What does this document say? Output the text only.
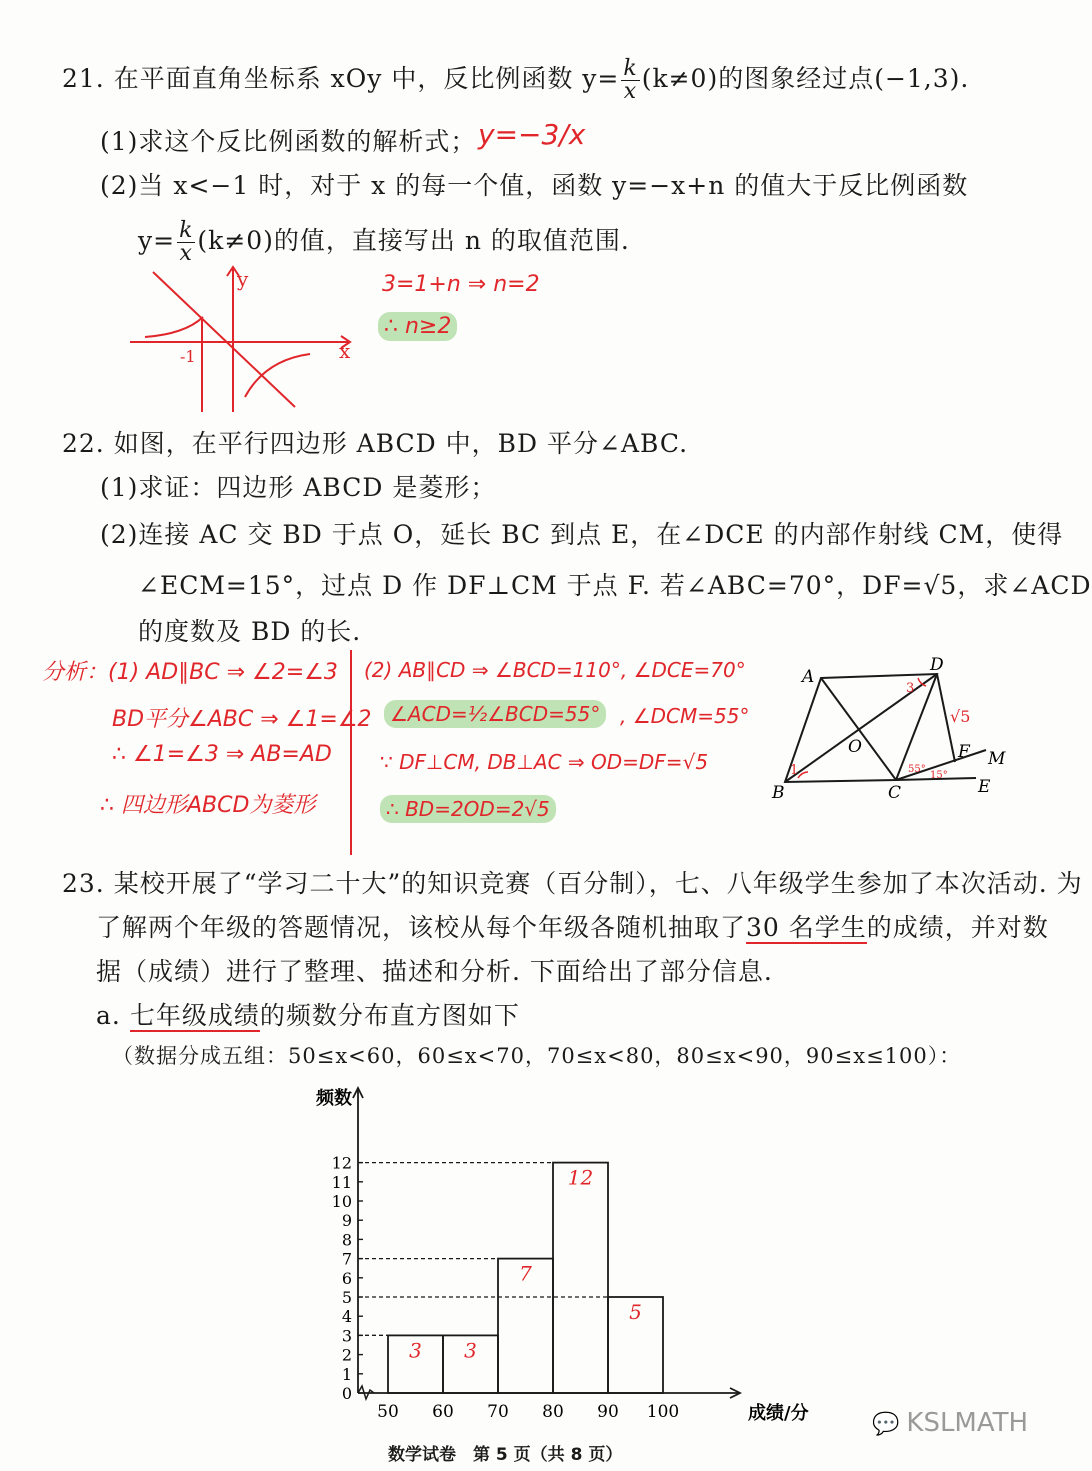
21. 在平面直角坐标系 xOy 中，反比例函数 $y= \frac{k}{x} (k\ne 0)$的图象经过点(−1,3).
(1)求这个反比例函数的解析式； y=−3/x
(2)当 x<−1 时，对于 x 的每一个值，函数 y=−x+n 的值大于反比例函数
$y= \frac{k}{x} (k\ne 0)$的值，直接写出 n 的取值范围.
y
x
-1
3=1+n ⇒ n=2
∴ n≥2
22. 如图，在平行四边形 ABCD 中，BD 平分∠ABC.
(1)求证：四边形 ABCD 是菱形；
(2)连接 AC 交 BD 于点 O，延长 BC 到点 E，在∠DCE 的内部作射线 CM，使得
∠ECM=15°，过点 D 作 DF⊥CM 于点 F. 若∠ABC=70°，DF=√5，求∠ACD
的度数及 BD 的长.
分析：(1) AD∥BC ⇒ ∠2=∠3
BD平分∠ABC ⇒ ∠1=∠2
∴ ∠1=∠3 ⇒ AB=AD
∴ 四边形ABCD为菱形
(2) AB∥CD ⇒ ∠BCD=110°, ∠DCE=70°
∠ACD=½∠BCD=55° , ∠DCM=55°
∵ DF⊥CM, DB⊥AC ⇒ OD=DF=√5
∴ BD=2OD=2√5
A
D
B	C	E
F M
O
√5
1
3
55°
15°
23. 某校开展了“学习二十大”的知识竞赛（百分制），七、八年级学生参加了本次活动. 为
了解两个年级的答题情况，该校从每个年级各随机抽取了30 名学生的成绩，并对数
据（成绩）进行了整理、描述和分析. 下面给出了部分信息.
a. 七年级成绩的频数分布直方图如下
（数据分成五组：50≤x<60，60≤x<70，70≤x<80，80≤x<90，90≤x≤100）：
0
1
2
3
4
5
6
7
8
9
10
11
12
频数
成绩/分
50 60 70 80 90 100
3 3
7
12
5
数学试卷　第 5 页（共 8 页）
💬 KSLMATH
